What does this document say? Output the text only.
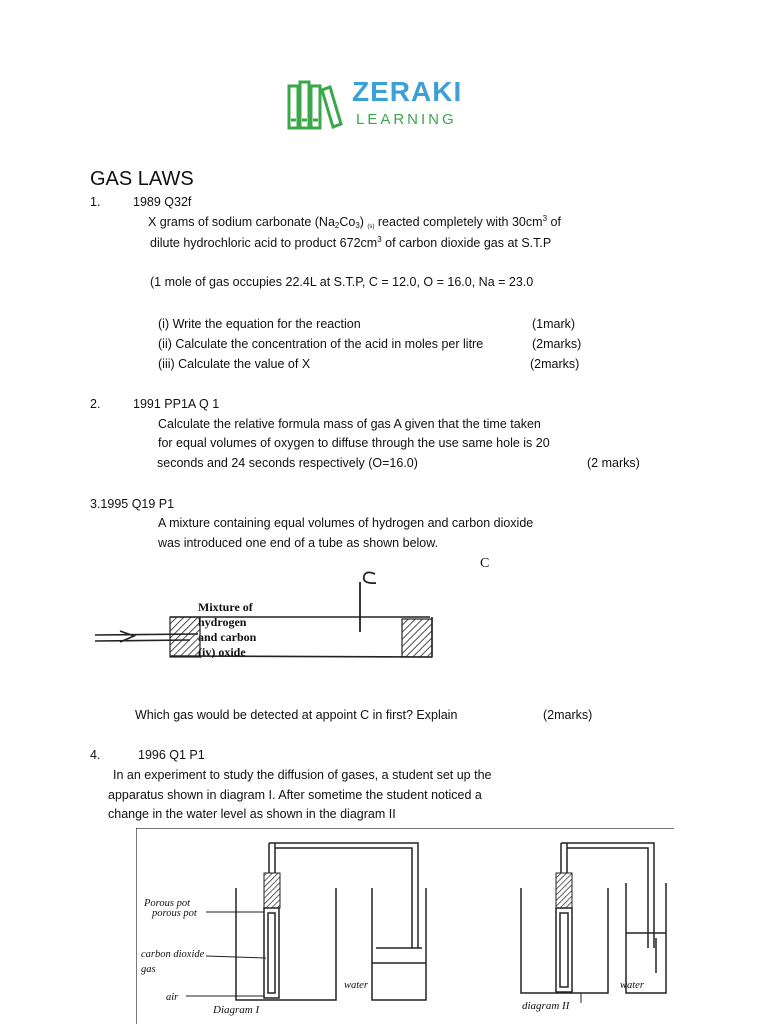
ZERAKI
LEARNING
GAS LAWS
1.	1989 Q32f
X grams of sodium carbonate $(Na_2Co_3)$ (s) reacted completely with $30cm^3$ of
dilute hydrochloric acid to product $672cm^3$ of carbon dioxide gas at S.T.P
(1 mole of gas occupies 22.4L at S.T.P, C = 12.0, O = 16.0, Na = 23.0
(i) Write the equation for the reaction	(1mark)
(ii) Calculate the concentration of the acid in moles per litre	(2marks)
(iii) Calculate the value of X	(2marks)
2.	1991 PP1A Q 1
Calculate the relative formula mass of gas A given that the time taken
for equal volumes of oxygen to diffuse through the use same hole is 20
seconds and 24 seconds respectively (O=16.0)	(2 marks)
3.1995 Q19 P1
A mixture containing equal volumes of hydrogen and carbon dioxide
was introduced one end of a tube as shown below.
C
Mixture of
hydrogen
and carbon
(iv) oxide
Which gas would be detected at appoint C in first? Explain	(2marks)
4.	1996 Q1 P1
In an experiment to study the diffusion of gases, a student set up the
apparatus shown in diagram I. After sometime the student noticed a
change in the water level as shown in the diagram II
Porous pot
porous pot
carbon dioxide
gas
air
water
Diagram I
water
diagram II
